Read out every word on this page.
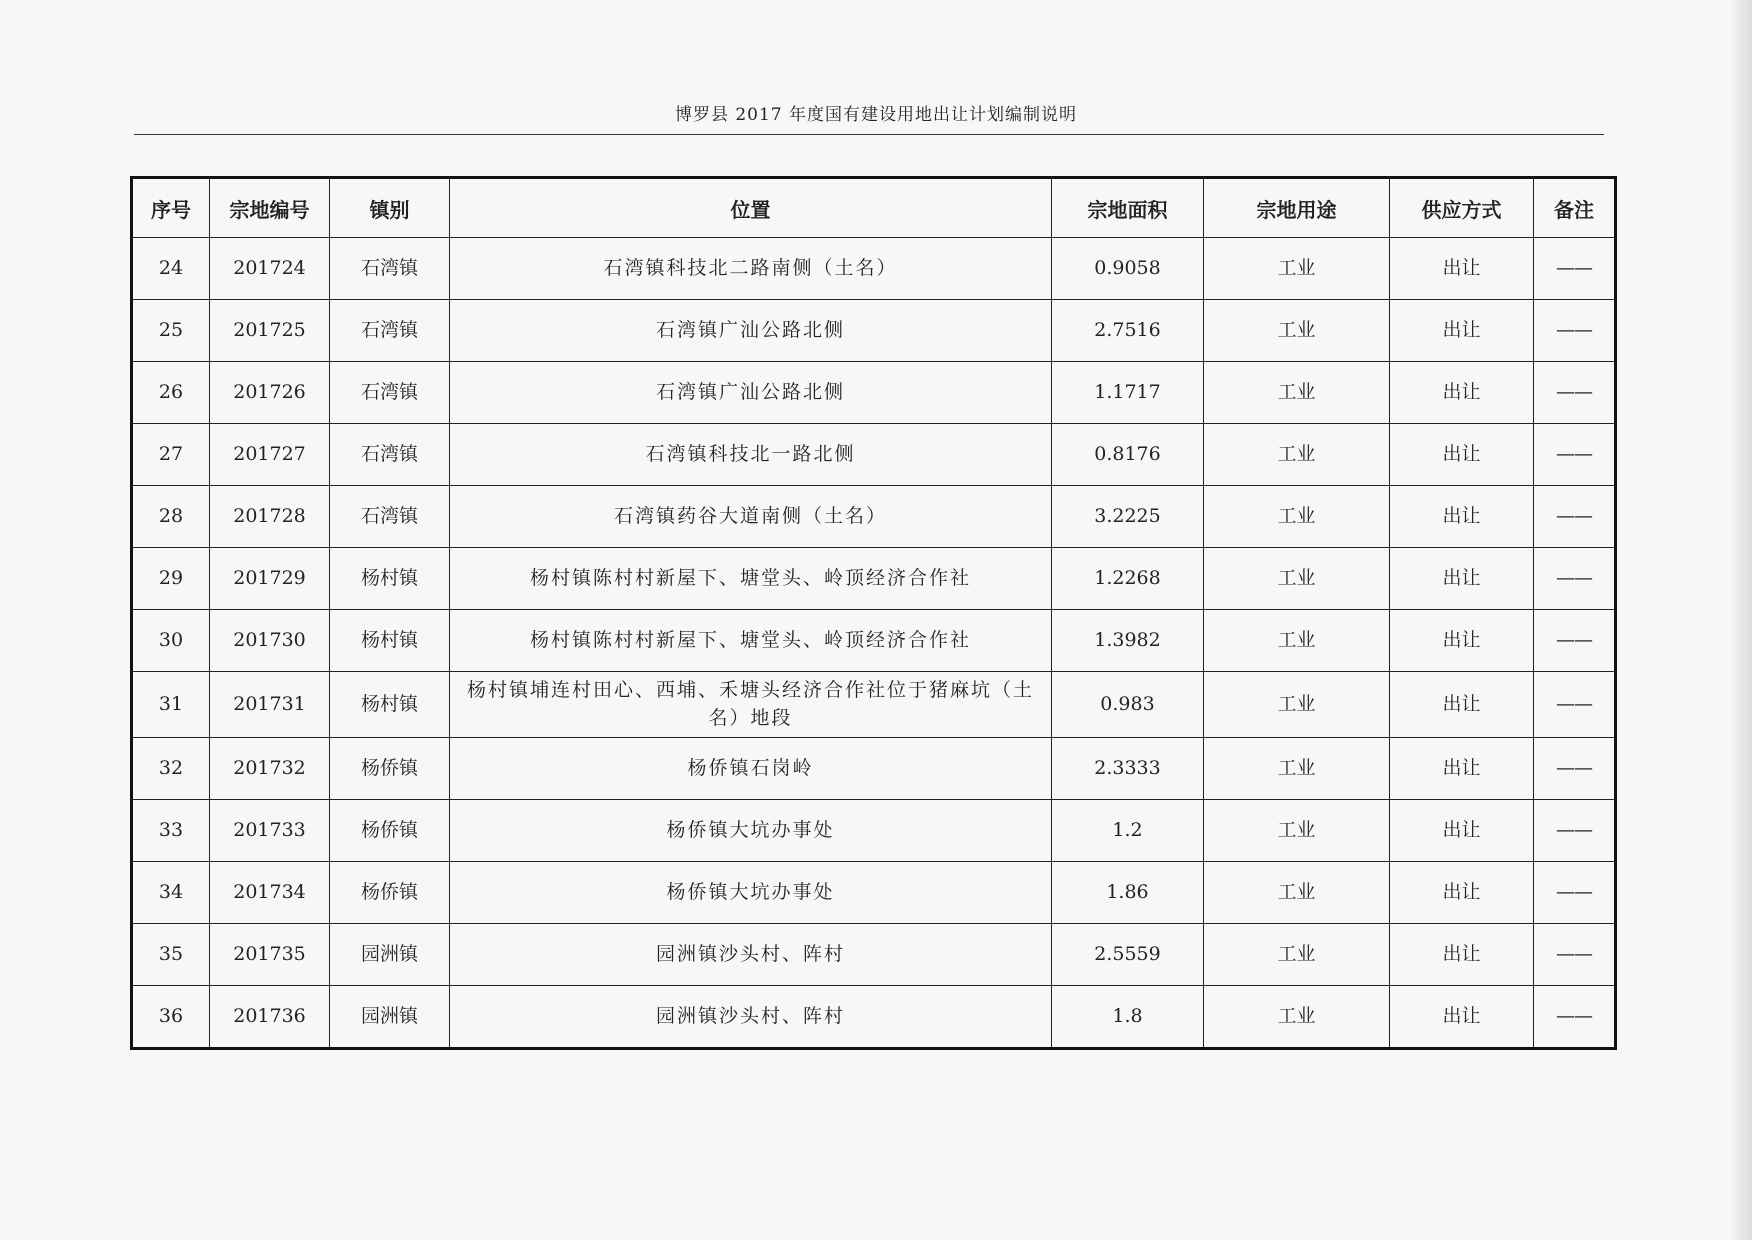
博罗县 2017 年度国有建设用地出让计划编制说明
序号	宗地编号	镇别	位置	宗地面积	宗地用途	供应方式	备注
24	201724	石湾镇	石湾镇科技北二路南侧（土名）	0.9058	工业	出让	——
25	201725	石湾镇	石湾镇广汕公路北侧	2.7516	工业	出让	——
26	201726	石湾镇	石湾镇广汕公路北侧	1.1717	工业	出让	——
27	201727	石湾镇	石湾镇科技北一路北侧	0.8176	工业	出让	——
28	201728	石湾镇	石湾镇药谷大道南侧（土名）	3.2225	工业	出让	——
29	201729	杨村镇	杨村镇陈村村新屋下、塘堂头、岭顶经济合作社	1.2268	工业	出让	——
30	201730	杨村镇	杨村镇陈村村新屋下、塘堂头、岭顶经济合作社	1.3982	工业	出让	——
31	201731	杨村镇	杨村镇埔连村田心、西埔、禾塘头经济合作社位于猪麻坑（土名）地段	0.983	工业	出让	——
32	201732	杨侨镇	杨侨镇石岗岭	2.3333	工业	出让	——
33	201733	杨侨镇	杨侨镇大坑办事处	1.2	工业	出让	——
34	201734	杨侨镇	杨侨镇大坑办事处	1.86	工业	出让	——
35	201735	园洲镇	园洲镇沙头村、阵村	2.5559	工业	出让	——
36	201736	园洲镇	园洲镇沙头村、阵村	1.8	工业	出让	——
